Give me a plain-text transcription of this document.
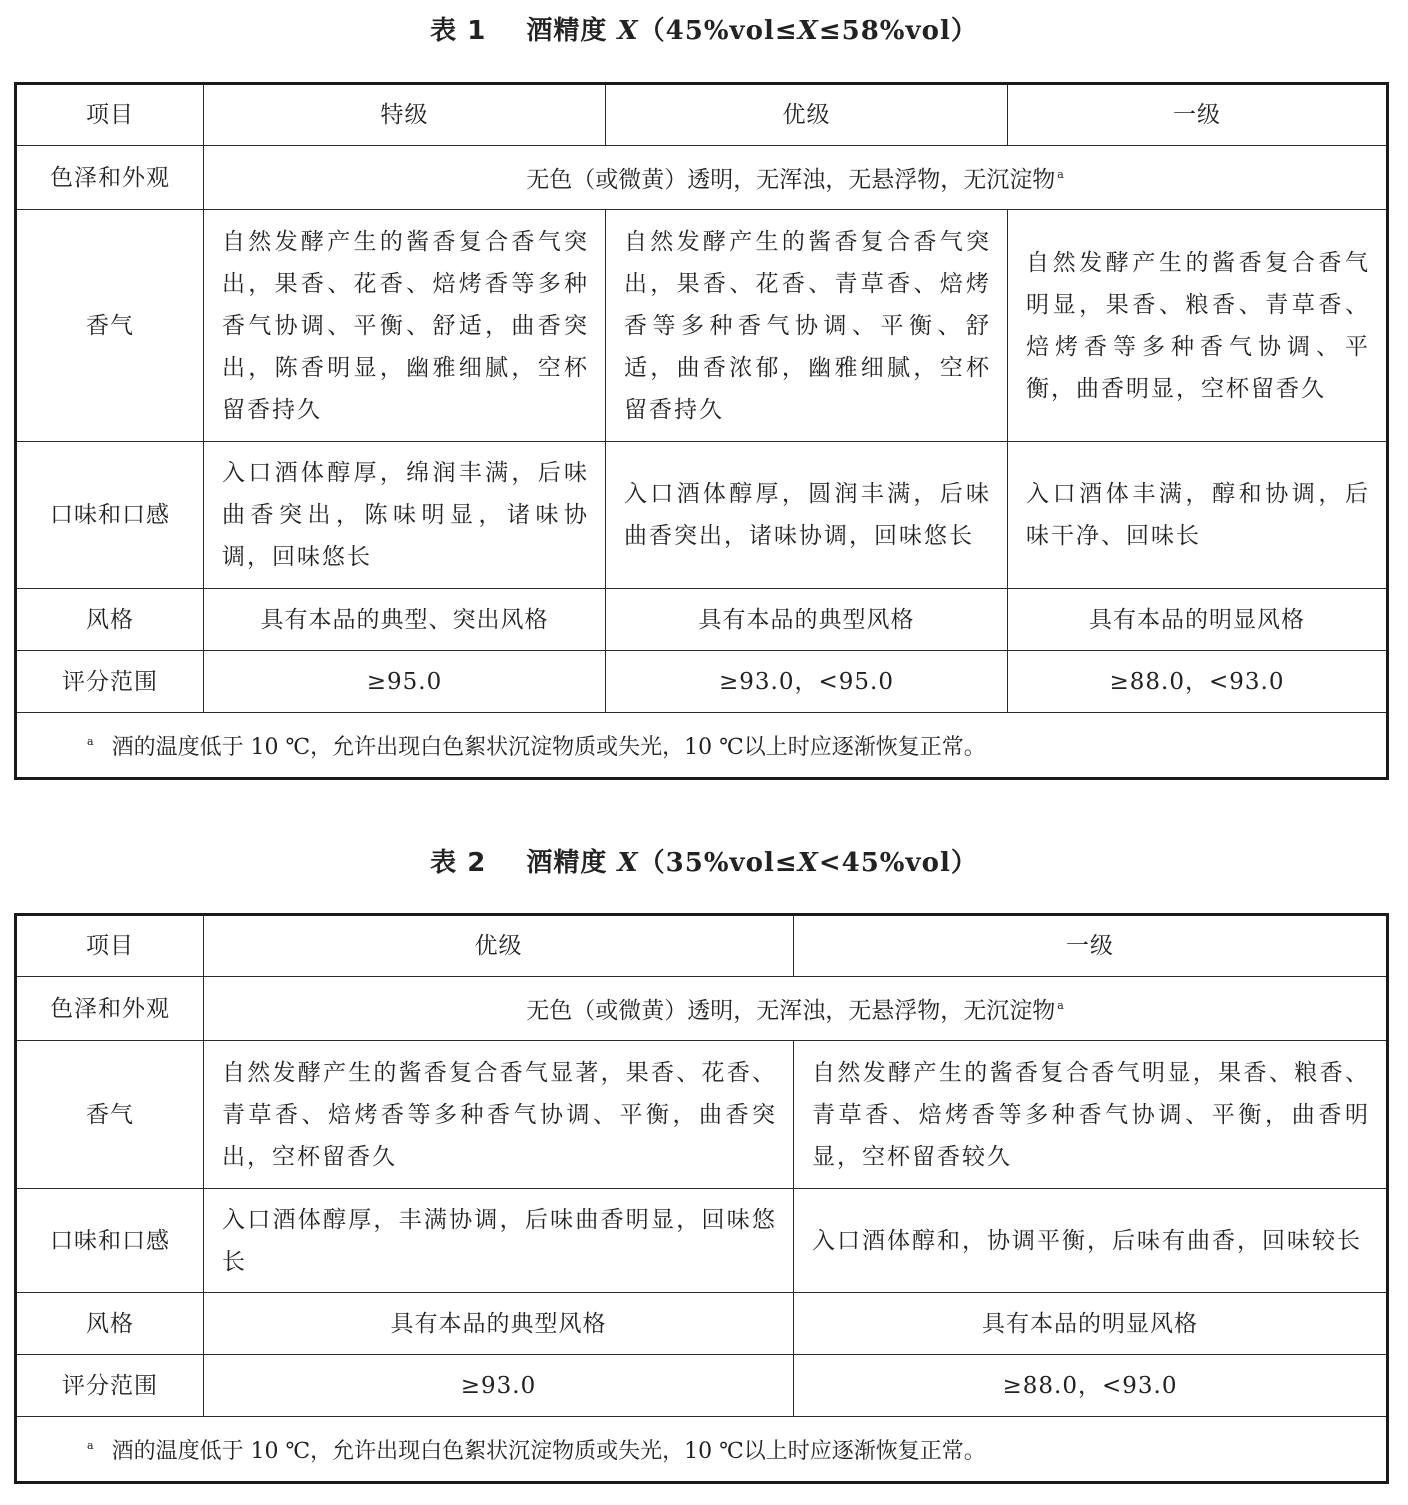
表 1 酒精度 X（45%vol≤X≤58%vol）
项目	特级	优级	一级
色泽和外观	无色（或微黄）透明，无浑浊，无悬浮物，无沉淀物 $^a$
香气	自然发酵产生的酱香复合香气突出，果香、花香、焙烤香等多种香气协调、平衡、舒适，曲香突出，陈香明显，幽雅细腻，空杯留香持久	自然发酵产生的酱香复合香气突出，果香、花香、青草香、焙烤香等多种香气协调、平衡、舒适，曲香浓郁，幽雅细腻，空杯留香持久	自然发酵产生的酱香复合香气明显，果香、粮香、青草香、焙烤香等多种香气协调、平衡，曲香明显，空杯留香久
口味和口感	入口酒体醇厚，绵润丰满，后味曲香突出，陈味明显，诸味协调，回味悠长	入口酒体醇厚，圆润丰满，后味曲香突出，诸味协调，回味悠长	入口酒体丰满，醇和协调，后味干净、回味长
风格	具有本品的典型、突出风格	具有本品的典型风格	具有本品的明显风格
评分范围	≥95.0	≥93.0，<95.0	≥88.0，<93.0
$^a$ 酒的温度低于 10 ℃，允许出现白色絮状沉淀物质或失光，10 ℃以上时应逐渐恢复正常。			
表 2 酒精度 X（35%vol≤X<45%vol）
项目	优级	一级
色泽和外观	无色（或微黄）透明，无浑浊，无悬浮物，无沉淀物 $^a$
香气	自然发酵产生的酱香复合香气显著，果香、花香、青草香、焙烤香等多种香气协调、平衡，曲香突出，空杯留香久	自然发酵产生的酱香复合香气明显，果香、粮香、青草香、焙烤香等多种香气协调、平衡，曲香明显，空杯留香较久
口味和口感	入口酒体醇厚，丰满协调，后味曲香明显，回味悠长	入口酒体醇和，协调平衡，后味有曲香，回味较长
风格	具有本品的典型风格	具有本品的明显风格
评分范围	≥93.0	≥88.0，<93.0
$^a$ 酒的温度低于 10 ℃，允许出现白色絮状沉淀物质或失光，10 ℃以上时应逐渐恢复正常。		
